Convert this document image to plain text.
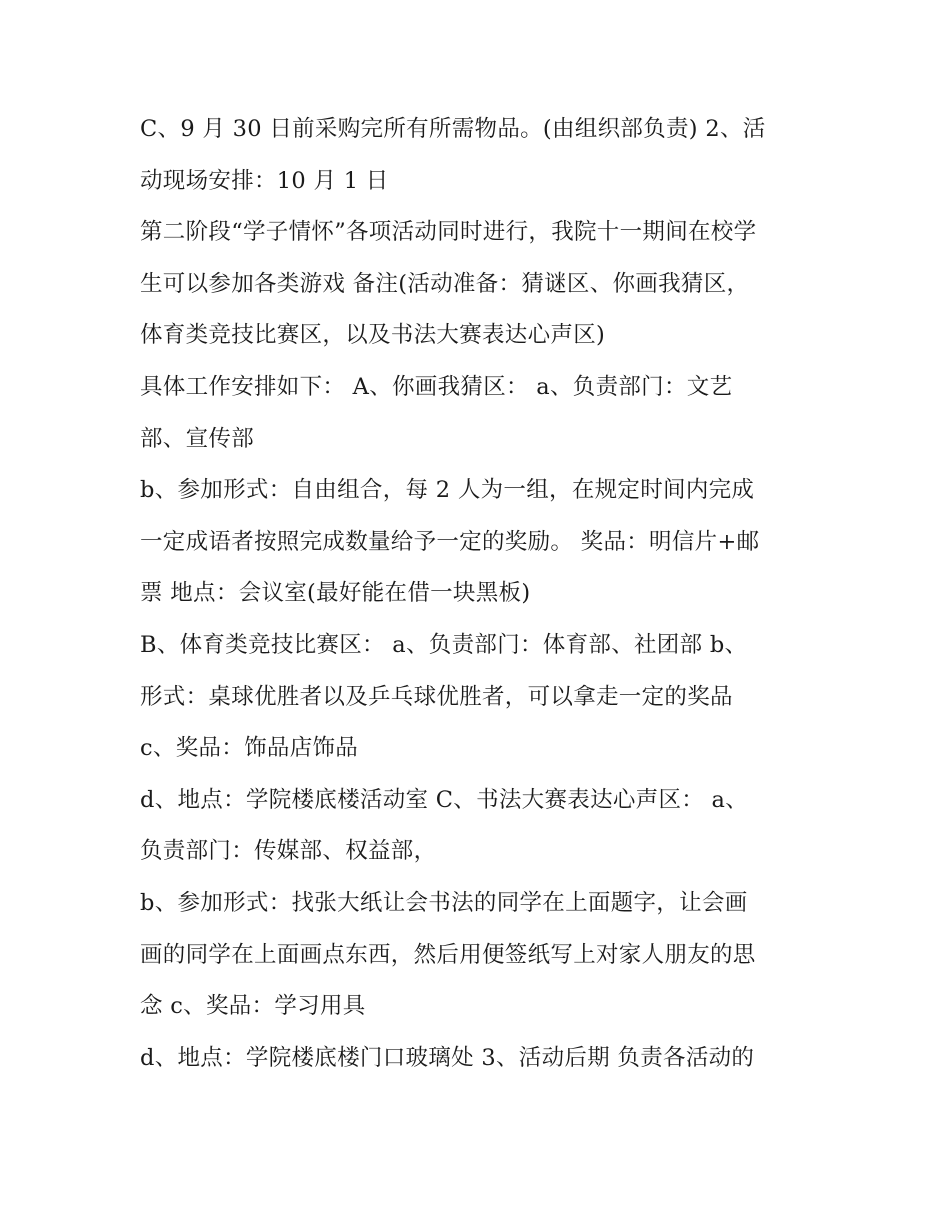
C、9 月 30 日前采购完所有所需物品。(由组织部负责) 2、活
动现场安排：10 月 1 日
第二阶段“学子情怀”各项活动同时进行，我院十一期间在校学
生可以参加各类游戏 备注(活动准备：猜谜区、你画我猜区，
体育类竞技比赛区，以及书法大赛表达心声区)
具体工作安排如下： A、你画我猜区： a、负责部门：文艺
部、宣传部
b、参加形式：自由组合，每 2 人为一组，在规定时间内完成
一定成语者按照完成数量给予一定的奖励。 奖品：明信片+邮
票 地点：会议室(最好能在借一块黑板)
B、体育类竞技比赛区： a、负责部门：体育部、社团部 b、
形式：桌球优胜者以及乒乓球优胜者，可以拿走一定的奖品
c、奖品：饰品店饰品
d、地点：学院楼底楼活动室 C、书法大赛表达心声区： a、
负责部门：传媒部、权益部，
b、参加形式：找张大纸让会书法的同学在上面题字，让会画
画的同学在上面画点东西，然后用便签纸写上对家人朋友的思
念 c、奖品：学习用具
d、地点：学院楼底楼门口玻璃处 3、活动后期 负责各活动的
